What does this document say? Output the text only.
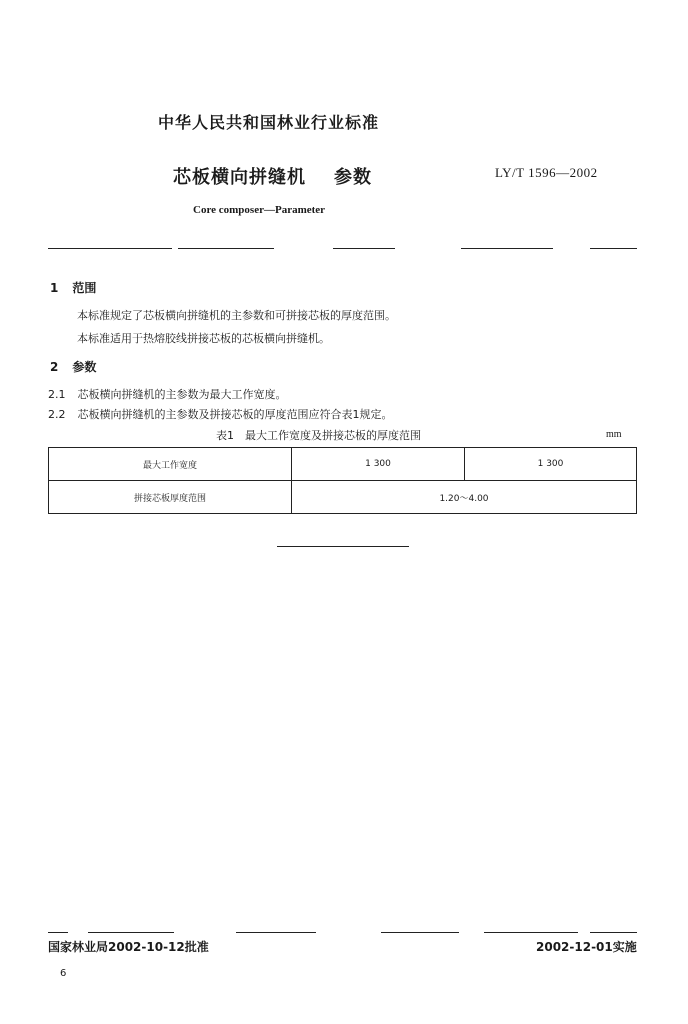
中华人民共和国林业行业标准
芯板横向拼缝机 参数	LY/T 1596—2002
Core composer—Parameter
1 范围
本标准规定了芯板横向拼缝机的主参数和可拼接芯板的厚度范围。
本标准适用于热熔胶线拼接芯板的芯板横向拼缝机。
2 参数
2.1 芯板横向拼缝机的主参数为最大工作宽度。
2.2 芯板横向拼缝机的主参数及拼接芯板的厚度范围应符合表1规定。
表1　最大工作宽度及拼接芯板的厚度范围	mm
最大工作宽度	1 300	1 300
拼接芯板厚度范围	1.20～4.00	
国家林业局2002-10-12批准	2002-12-01实施
6
